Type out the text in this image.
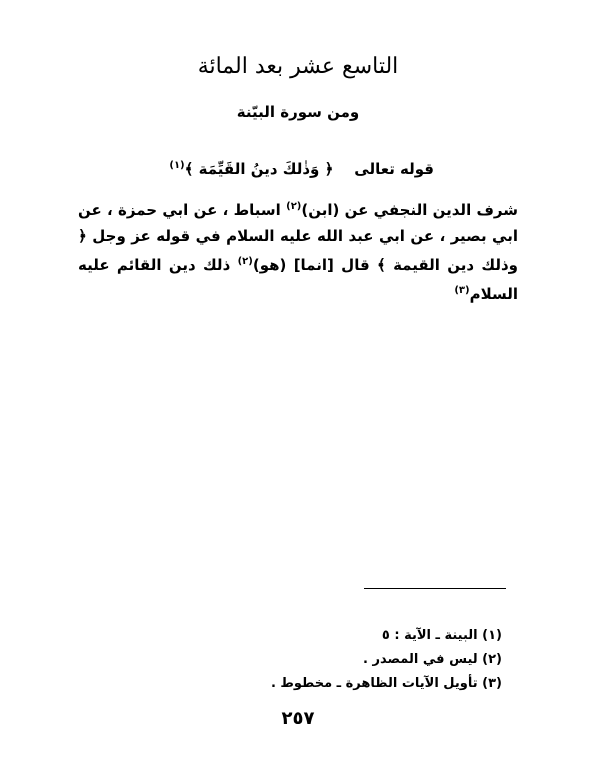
التاسع عشر بعد المائة
ومن سورة البيّنة
قوله تعالى    ﴿ وَذٰلكَ دينُ القَيِّمَة ﴾$^{(١)}$
شرف الدين النجفي عن (ابن)$^{(٢)}$ اسباط ، عن ابي حمزة ، عن ابي بصير ، عن ابي عبد الله عليه السلام في قوله عز وجل ﴿ وذلك دين القيمة ﴾ قال [انما] (هو)$^{(٢)}$ ذلك دين القائم عليه السلام$^{(٣)}$
(١) البينة ـ الآية : ٥
(٢) ليس في المصدر .
(٣) تأويل الآيات الظاهرة ـ مخطوط .
٢٥٧
